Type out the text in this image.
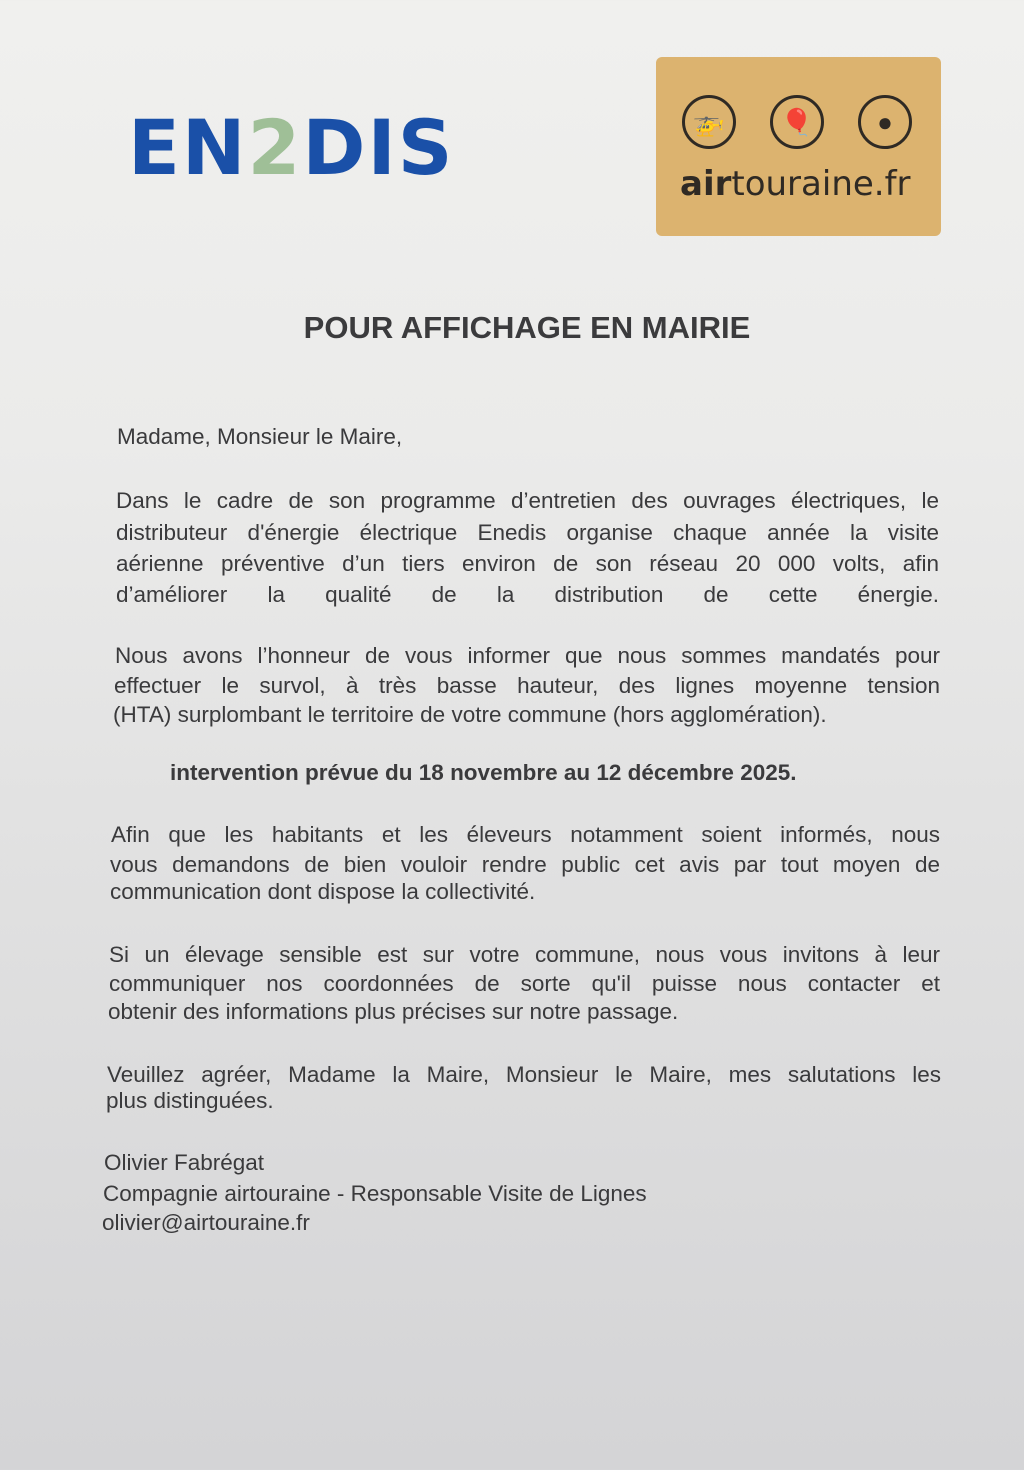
EN2DIS	🚁	🎈	●
airtouraine.fr
POUR AFFICHAGE EN MAIRIE
Madame, Monsieur le Maire,
Dans le cadre de son programme d’entretien des ouvrages électriques, le
distributeur d'énergie électrique Enedis organise chaque année la visite
aérienne préventive d’un tiers environ de son réseau 20 000 volts, afin
d’améliorer la qualité de la distribution de cette énergie.
Nous avons l’honneur de vous informer que nous sommes mandatés pour
effectuer le survol, à très basse hauteur, des lignes moyenne tension
(HTA) surplombant le territoire de votre commune (hors agglomération).
intervention prévue du 18 novembre au 12 décembre 2025.
Afin que les habitants et les éleveurs notamment soient informés, nous
vous demandons de bien vouloir rendre public cet avis par tout moyen de
communication dont dispose la collectivité.
Si un élevage sensible est sur votre commune, nous vous invitons à leur
communiquer nos coordonnées de sorte qu'il puisse nous contacter et
obtenir des informations plus précises sur notre passage.
Veuillez agréer, Madame la Maire, Monsieur le Maire, mes salutations les
plus distinguées.
Olivier Fabrégat
Compagnie airtouraine - Responsable Visite de Lignes
olivier@airtouraine.fr
